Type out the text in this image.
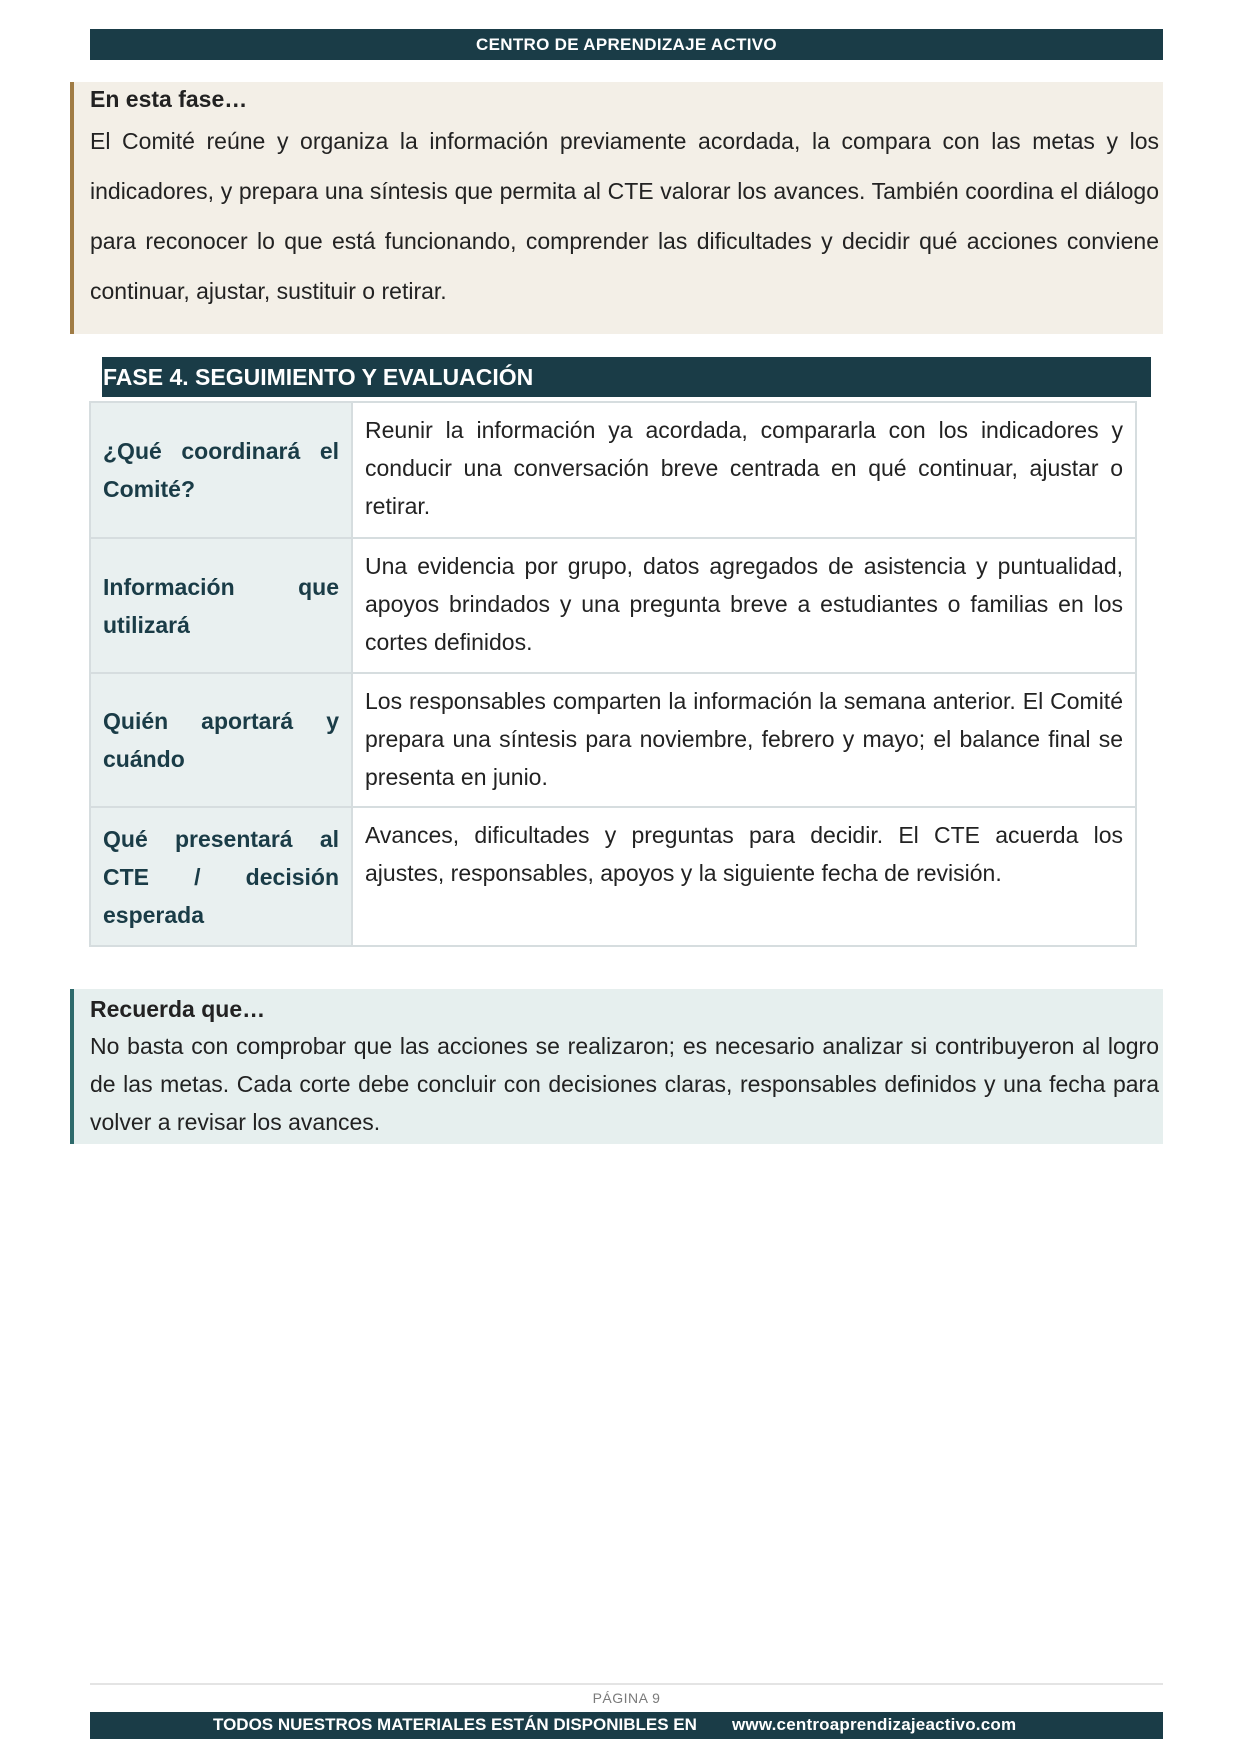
CENTRO DE APRENDIZAJE ACTIVO
En esta fase…
El Comité reúne y organiza la información previamente acordada, la compara con las metas y los indicadores, y prepara una síntesis que permita al CTE valorar los avances. También coordina el diálogo para reconocer lo que está funcionando, comprender las dificultades y decidir qué acciones conviene continuar, ajustar, sustituir o retirar.
FASE 4. SEGUIMIENTO Y EVALUACIÓN
¿Qué coordinará el Comité?	Reunir la información ya acordada, compararla con los indicadores y conducir una conversación breve centrada en qué continuar, ajustar o retirar.
Información que utilizará	Una evidencia por grupo, datos agregados de asistencia y puntualidad, apoyos brindados y una pregunta breve a estudiantes o familias en los cortes definidos.
Quién aportará y cuándo	Los responsables comparten la información la semana anterior. El Comité prepara una síntesis para noviembre, febrero y mayo; el balance final se presenta en junio.
Qué presentará al CTE / decisión esperada	Avances, dificultades y preguntas para decidir. El CTE acuerda los ajustes, responsables, apoyos y la siguiente fecha de revisión.
Recuerda que…
No basta con comprobar que las acciones se realizaron; es necesario analizar si contribuyeron al logro de las metas. Cada corte debe concluir con decisiones claras, responsables definidos y una fecha para volver a revisar los avances.
PÁGINA 9
TODOS NUESTROS MATERIALES ESTÁN DISPONIBLES EN www.centroaprendizajeactivo.com
